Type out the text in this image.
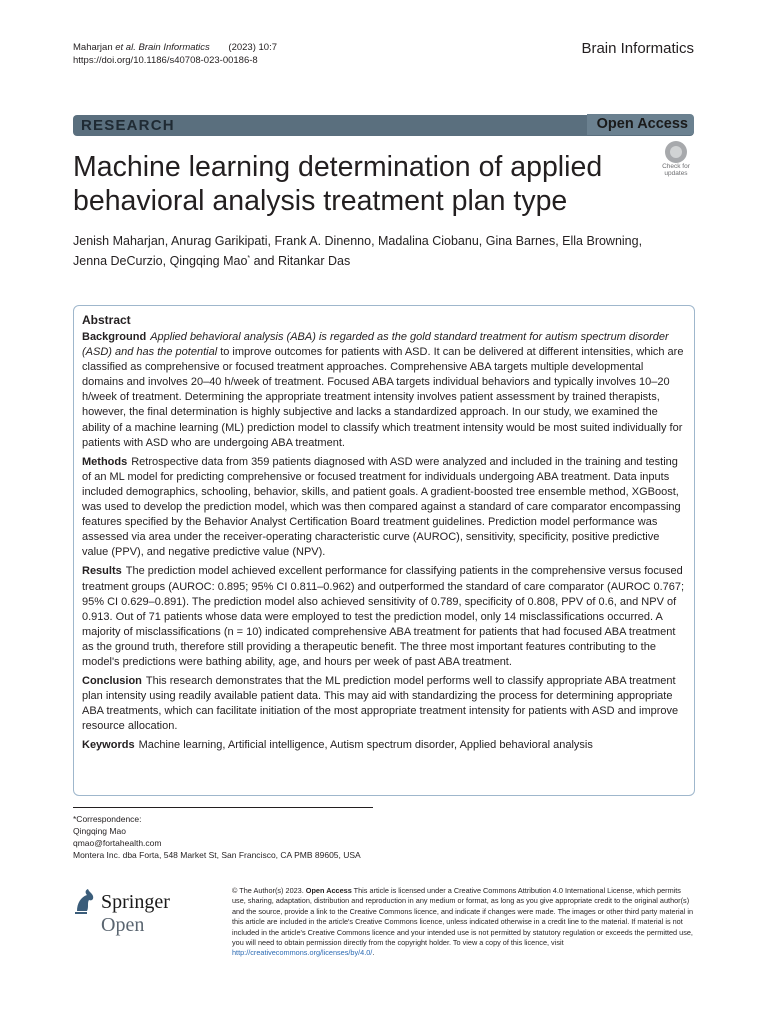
Maharjan et al. Brain Informatics (2023) 10:7
https://doi.org/10.1186/s40708-023-00186-8
Brain Informatics
RESEARCH	Open Access
Machine learning determination of applied behavioral analysis treatment plan type
Check for
updates
Jenish Maharjan, Anurag Garikipati, Frank A. Dinenno, Madalina Ciobanu, Gina Barnes, Ella Browning, Jenna DeCurzio, Qingqing Mao* and Ritankar Das
Abstract

Background Applied behavioral analysis (ABA) is regarded as the gold standard treatment for autism spectrum disorder (ASD) and has the potential to improve outcomes for patients with ASD. It can be delivered at different intensities, which are classified as comprehensive or focused treatment approaches. Comprehensive ABA targets multiple developmental domains and involves 20–40 h/week of treatment. Focused ABA targets individual behaviors and typically involves 10–20 h/week of treatment. Determining the appropriate treatment intensity involves patient assessment by trained therapists, however, the final determination is highly subjective and lacks a standardized approach. In our study, we examined the ability of a machine learning (ML) prediction model to classify which treatment intensity would be most suited individually for patients with ASD who are undergoing ABA treatment.

Methods Retrospective data from 359 patients diagnosed with ASD were analyzed and included in the training and testing of an ML model for predicting comprehensive or focused treatment for individuals undergoing ABA treatment. Data inputs included demographics, schooling, behavior, skills, and patient goals. A gradient-boosted tree ensemble method, XGBoost, was used to develop the prediction model, which was then compared against a standard of care comparator encompassing features specified by the Behavior Analyst Certification Board treatment guidelines. Prediction model performance was assessed via area under the receiver-operating characteristic curve (AUROC), sensitivity, specificity, positive predictive value (PPV), and negative predictive value (NPV).

Results The prediction model achieved excellent performance for classifying patients in the comprehensive versus focused treatment groups (AUROC: 0.895; 95% CI 0.811–0.962) and outperformed the standard of care comparator (AUROC 0.767; 95% CI 0.629–0.891). The prediction model also achieved sensitivity of 0.789, specificity of 0.808, PPV of 0.6, and NPV of 0.913. Out of 71 patients whose data were employed to test the prediction model, only 14 misclassifications occurred. A majority of misclassifications (n = 10) indicated comprehensive ABA treatment for patients that had focused ABA treatment as the ground truth, therefore still providing a therapeutic benefit. The three most important features contributing to the model's predictions were bathing ability, age, and hours per week of past ABA treatment.

Conclusion This research demonstrates that the ML prediction model performs well to classify appropriate ABA treatment plan intensity using readily available patient data. This may aid with standardizing the process for determining appropriate ABA treatments, which can facilitate initiation of the most appropriate treatment intensity for patients with ASD and improve resource allocation.

Keywords Machine learning, Artificial intelligence, Autism spectrum disorder, Applied behavioral analysis

*Correspondence:
Qingqing Mao
qmao@fortahealth.com
Montera Inc. dba Forta, 548 Market St, San Francisco, CA PMB 89605, USA
Springer Open
© The Author(s) 2023. Open Access This article is licensed under a Creative Commons Attribution 4.0 International License, which permits use, sharing, adaptation, distribution and reproduction in any medium or format, as long as you give appropriate credit to the original author(s) and the source, provide a link to the Creative Commons licence, and indicate if changes were made. The images or other third party material in this article are included in the article's Creative Commons licence, unless indicated otherwise in a credit line to the material. If material is not included in the article's Creative Commons licence and your intended use is not permitted by statutory regulation or exceeds the permitted use, you will need to obtain permission directly from the copyright holder. To view a copy of this licence, visit http://creativecommons.org/licenses/by/4.0/.
